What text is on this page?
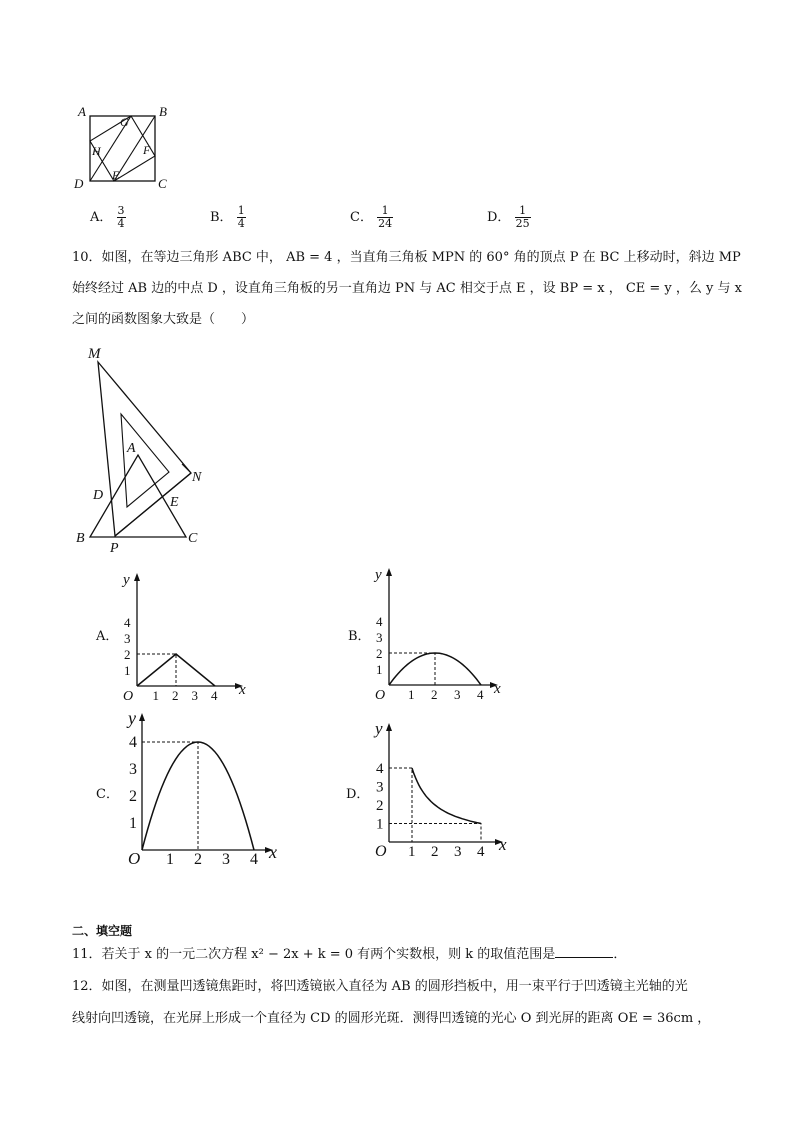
A	B
C
D
E
F
G
H
A． $\frac{3}{4}$	B． $\frac{1}{4}$	C． $\frac{1}{24}$	D． $\frac{1}{25}$
10．如图，在等边三角形 ABC 中， AB = 4 ，当直角三角板 MPN 的 60° 角的顶点 P 在 BC 上移动时，斜边 MP
始终经过 AB 边的中点 D ，设直角三角板的另一直角边 PN 与 AC 相交于点 E ，设 BP = x ， CE = y ，么 y 与 x
之间的函数图象大致是（　　）
M
A
N
D	E
B
P
C
A．
x
y
O 1 2 3 4
1
2
3
4
B．
x
y
O 1 2 3 4
1
2
3
4
C．
x
y
O 1 2 3 4
1
2
3
4
D．
x
y
O 1 2 3 4
1
2
3
4
二、填空题
11．若关于 x 的一元二次方程 x² − 2x + k = 0 有两个实数根，则 k 的取值范围是	．
12．如图，在测量凹透镜焦距时，将凹透镜嵌入直径为 AB 的圆形挡板中，用一束平行于凹透镜主光轴的光
线射向凹透镜，在光屏上形成一个直径为 CD 的圆形光斑．测得凹透镜的光心 O 到光屏的距离 OE = 36cm ，
